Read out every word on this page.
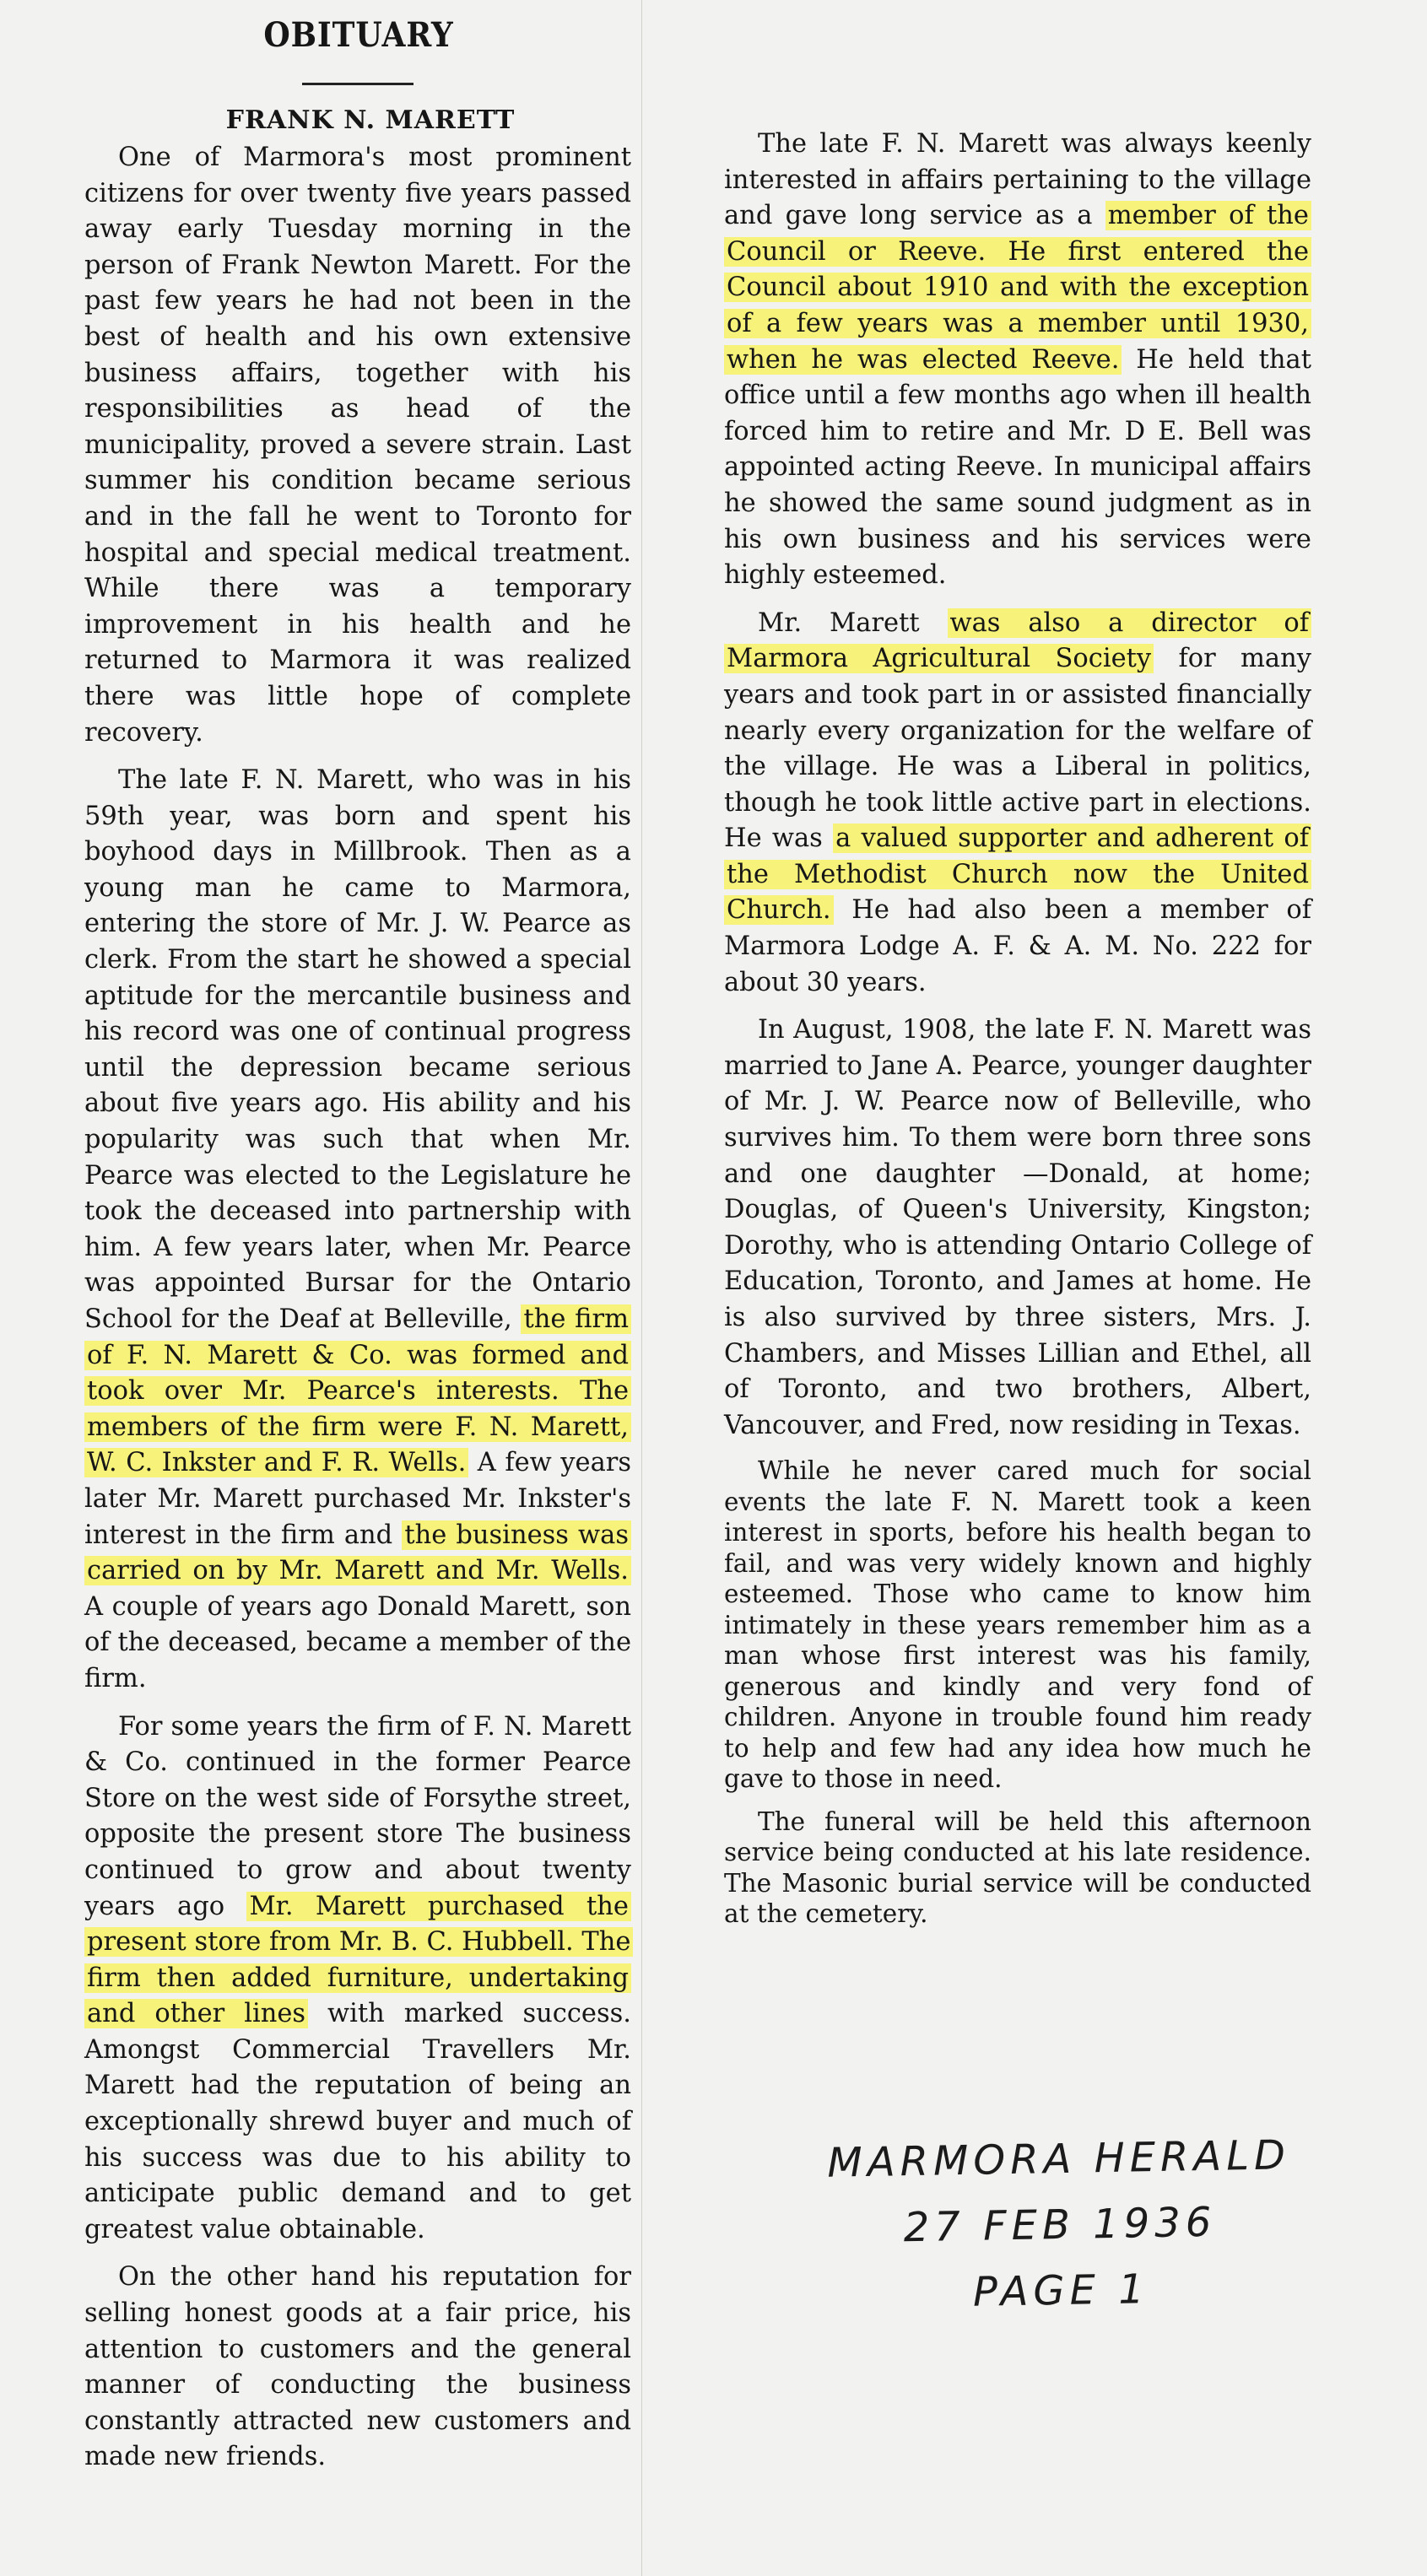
OBITUARY
FRANK N. MARETT

One of Marmora's most prominent citizens for over twenty five years passed away early Tuesday morning in the person of Frank Newton Marett. For the past few years he had not been in the best of health and his own extensive business affairs, together with his responsibilities as head of the municipality, proved a severe strain. Last summer his condition became serious and in the fall he went to Toronto for hospital and special medical treatment. While there was a temporary improvement in his health and he returned to Marmora it was realized there was little hope of complete recovery.

The late F. N. Marett, who was in his 59th year, was born and spent his boyhood days in Millbrook. Then as a young man he came to Marmora, entering the store of Mr. J. W. Pearce as clerk. From the start he showed a special aptitude for the mercantile business and his record was one of continual progress until the depression became serious about five years ago. His ability and his popularity was such that when Mr. Pearce was elected to the Legislature he took the deceased into partnership with him. A few years later, when Mr. Pearce was appointed Bursar for the Ontario School for the Deaf at Belleville, the firm of F. N. Marett & Co. was formed and took over Mr. Pearce's interests. The members of the firm were F. N. Marett, W. C. Inkster and F. R. Wells. A few years later Mr. Marett purchased Mr. Inkster's interest in the firm and the business was carried on by Mr. Marett and Mr. Wells. A couple of years ago Donald Marett, son of the deceased, became a member of the firm.

For some years the firm of F. N. Marett & Co. continued in the former Pearce Store on the west side of Forsythe street, opposite the present store The business continued to grow and about twenty years ago Mr. Marett purchased the present store from Mr. B. C. Hubbell. The firm then added furniture, undertaking and other lines with marked success. Amongst Commercial Travellers Mr. Marett had the reputation of being an exceptionally shrewd buyer and much of his success was due to his ability to anticipate public demand and to get greatest value obtainable.

On the other hand his reputation for selling honest goods at a fair price, his attention to customers and the general manner of conducting the business constantly attracted new customers and made new friends.

The late F. N. Marett was always keenly interested in affairs pertaining to the village and gave long service as a member of the Council or Reeve. He first entered the Council about 1910 and with the exception of a few years was a member until 1930, when he was elected Reeve. He held that office until a few months ago when ill health forced him to retire and Mr. D E. Bell was appointed acting Reeve. In municipal affairs he showed the same sound judgment as in his own business and his services were highly esteemed.

Mr. Marett was also a director of Marmora Agricultural Society for many years and took part in or assisted financially nearly every organization for the welfare of the village. He was a Liberal in politics, though he took little active part in elections. He was a valued supporter and adherent of the Methodist Church now the United Church. He had also been a member of Marmora Lodge A. F. & A. M. No. 222 for about 30 years.

In August, 1908, the late F. N. Marett was married to Jane A. Pearce, younger daughter of Mr. J. W. Pearce now of Belleville, who survives him. To them were born three sons and one daughter —Donald, at home; Douglas, of Queen's University, Kingston; Dorothy, who is attending Ontario College of Education, Toronto, and James at home. He is also survived by three sisters, Mrs. J. Chambers, and Misses Lillian and Ethel, all of Toronto, and two brothers, Albert, Vancouver, and Fred, now residing in Texas.

While he never cared much for social events the late F. N. Marett took a keen interest in sports, before his health began to fail, and was very widely known and highly esteemed. Those who came to know him intimately in these years remember him as a man whose first interest was his family, generous and kindly and very fond of children. Anyone in trouble found him ready to help and few had any idea how much he gave to those in need.

The funeral will be held this afternoon service being conducted at his late residence. The Masonic burial service will be conducted at the cemetery.

MARMORA HERALD
27 FEB 1936
PAGE 1
